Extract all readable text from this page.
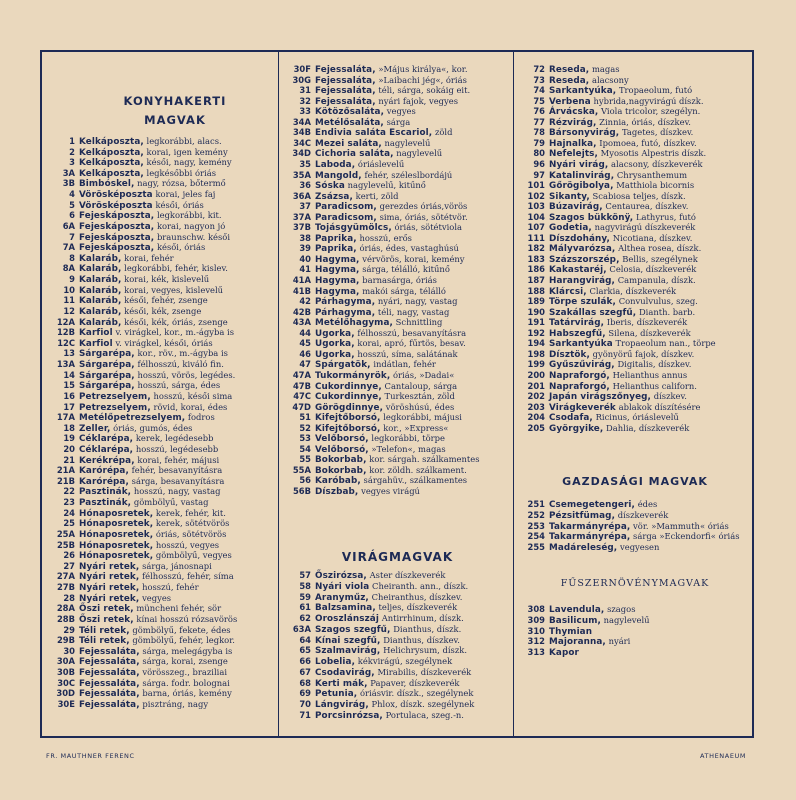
KONYHAKERTI
MAGVAK
VIRÁGMAGVAK
GAZDASÁGI MAGVAK
FŰSZERNÖVÉNYMAGVAK
1 Kelkáposzta, legkorábbi, alacs.
2 Kelkáposzta, korai, igen kemény
3 Kelkáposzta, késői, nagy, kemény
3A Kelkáposzta, legkésőbbi óriás
3B Bimbóskel, nagy, rózsa, bőtermő
4 Vörösképoszta korai, jeles faj
5 Vörösképoszta késői, óriás
6 Fejeskáposzta, legkorábbi, kit.
6A Fejeskáposzta, korai, nagyon jó
7 Fejeskáposzta, braunschw. késői
7A Fejeskáposzta, késői, óriás
8 Kalaráb, korai, fehér
8A Kalaráb, legkorábbi, fehér, kislev.
9 Kalaráb, korai, kék, kislevelű
10 Kalaráb, korai, vegyes, kislevelű
11 Kalaráb, késői, fehér, zsenge
12 Kalaráb, késői, kék, zsenge
12A Kalaráb, késői, kék, óriás, zsenge
12B Karfiol v. virágkel, kor., m.-ágyba is
12C Karfiol v. virágkel, késői, óriás
13 Sárgarépa, kor., röv., m.-ágyba is
13A Sárgarépa, félhosszú, kiváló fin.
14 Sárgarépa, hosszú, vörös, legédes.
15 Sárgarépa, hosszú, sárga, édes
16 Petrezselyem, hosszú, késői sima
17 Petrezselyem, rövid, korai, édes
17A Metélőpetrezselyem, fodros
18 Zeller, óriás, gumós, édes
19 Céklarépa, kerek, legédesebb
20 Céklarépa, hosszú, legédesebb
21 Kerékrépa, korai, fehér, májusi
21A Karórépa, fehér, besavanyításra
21B Karórépa, sárga, besavanyításra
22 Pasztinák, hosszú, nagy, vastag
23 Pasztinák, gömbölyű, vastag
24 Hónaposretek, kerek, fehér, kit.
25 Hónaposretek, kerek, sötétvörös
25A Hónaposretek, óriás, sötétvörös
25B Hónaposretek, hosszú, vegyes
26 Hónaposretek, gömbölyű, vegyes
27 Nyári retek, sárga, jánosnapi
27A Nyári retek, félhosszú, fehér, síma
27B Nyári retek, hosszú, fehér
28 Nyári retek, vegyes
28A Őszi retek, müncheni fehér, sör
28B Őszi retek, kínai hosszú rózsavörös
29 Téli retek, gömbölyű, fekete, édes
29B Téli retek, gömbölyű, fehér, legkor.
30 Fejessaláta, sárga, melegágyba is
30A Fejessaláta, sárga, korai, zsenge
30B Fejessaláta, vörösszeg., braziliai
30C Fejessaláta, sárga. fodr. bolognai
30D Fejessaláta, barna, óriás, kemény
30E Fejessaláta, pisztráng, nagy
30F Fejessaláta, »Május királya«, kor.
30G Fejessaláta, »Laibachi jég«, óriás
31 Fejessaláta, téli, sárga, sokáig eit.
32 Fejessaláta, nyári fajok, vegyes
33 Kötözősaláta, vegyes
34A Metélősaláta, sárga
34B Endivia saláta Escariol, zöld
34C Mezei saláta, nagylevelű
34D Cichoria saláta, nagylevelű
35 Laboda, óriáslevelű
35A Mangold, fehér, széleslbordájú
36 Sóska nagylevelű, kitűnő
36A Zsázsa, kerti, zöld
37 Paradicsom, gerezdes óriás,vörös
37A Paradicsom, sima, óriás, sötétvör.
37B Tojásgyümölcs, óriás, sötétviola
38 Paprika, hosszú, erős
39 Paprika, óriás, édes, vastaghúsú
40 Hagyma, vérvörös, korai, kemény
41 Hagyma, sárga, télálló, kitűnő
41A Hagyma, barnasárga, óriás
41B Hagyma, makói sárga, télálló
42 Párhagyma, nyári, nagy, vastag
42B Párhagyma, téli, nagy, vastag
43A Metélőhagyma, Schnittling
44 Ugorka, félhosszú, besavanyításra
45 Ugorka, korai, apró, fűrtös, besav.
46 Ugorka, hosszú, síma, salátának
47 Spárgatök, indátlan, fehér
47A Tukormányrök, óriás, »Dadai«
47B Cukordinnye, Cantaloup, sárga
47C Cukordinnye, Turkesztán, zöld
47D Görögdinnye, vöröshúsú, édes
51 Kifejtőborsó, legkorábbi, májusi
52 Kifejtőborsó, kor., »Express«
53 Velőborsó, legkorábbi, törpe
54 Velőborsó, »Telefon«, magas
55 Bokorbab, kor. sárgah. szálkamentes
55A Bokorbab, kor. zöldh. szálkament.
56 Karóbab, sárgahüv., szálkamentes
56B Díszbab, vegyes virágú
57 Őszirózsa, Aster díszkeverék
58 Nyári viola Cheiranth. ann., díszk.
59 Aranyműz, Cheiranthus, díszkev.
61 Balzsamina, teljes, díszkeverék
62 Oroszlánszáj Antirrhinum, díszk.
63A Szagos szegfű, Dianthus, díszk.
64 Kínai szegfű, Dianthus, díszkev.
65 Szalmavirág, Helichrysum, díszk.
66 Lobelia, kékvirágú, szegélynek
67 Csodavirág, Mirabilis, díszkeverék
68 Kerti mák, Papaver, díszkeverék
69 Petunia, óriásvir. díszk., szegélynek
70 Lángvirág, Phlox, díszk. szegélynek
71 Porcsinrózsa, Portulaca, szeg.-n.
72 Reseda, magas
73 Reseda, alacsony
74 Sarkantyúka, Tropaeolum, futó
75 Verbena hybrida,nagyvirágú díszk.
76 Árvácska, Viola tricolor, szegélyn.
77 Rézvirág, Zinnia, óriás, díszkev.
78 Bársonyvirág, Tagetes, díszkev.
79 Hajnalka, Ipomoea, futó, díszkev.
80 Nefelejts, Myosotis Alpestris díszk.
96 Nyári virág, alacsony, díszkeverék
97 Katalinvirág, Chrysanthemum
101 Gőrögibolya, Matthiola bicornis
102 Sikanty, Scabiosa teljes, díszk.
103 Búzavirág, Centaurea, díszkev.
104 Szagos bükkönÿ, Lathyrus, futó
107 Godetia, nagyvirágú díszkeverék
111 Díszdohány, Nicotiana, díszkev.
182 Mályvarózsa, Althea rosea, díszk.
183 Százszorszép, Bellis, szegélynek
186 Kakastaréj, Celosia, díszkeverék
187 Harangvirág, Campanula, díszk.
188 Klárcsi, Clarkia, díszkeverék
189 Törpe szulák, Convulvulus, szeg.
190 Szakállas szegfű, Dianth. barb.
191 Tatárvirág, Iberis, díszkeverék
192 Habszegfű, Silena, díszkeverék
194 Sarkantyúka Tropaeolum nan., törpe
198 Dísztök, gyönyörű fajok, díszkev.
199 Gyűszűvirág, Digitalis, díszkev.
200 Napraforgó, Helianthus annus
201 Napraforgó, Helianthus californ.
202 Japán virágszőnyeg, díszkev.
203 Virágkeverék ablakok díszítésére
204 Csodafa, Ricinus, óriáslevelű
205 Györgyike, Dahlia, díszkeverék
251 Csemegetengeri, édes
252 Pézsitfümag, díszkeverék
253 Takarmányrépa, vör. »Mammuth« óriás
254 Takarmányrépa, sárga »Eckendorfi« óriás
255 Madáreleség, vegyesen
308 Lavendula, szagos
309 Basilicum, nagylevelű
310 Thymian
312 Majoranna, nyári
313 Kapor
FR. MAUTHNER FERENC	ATHENAEUM
